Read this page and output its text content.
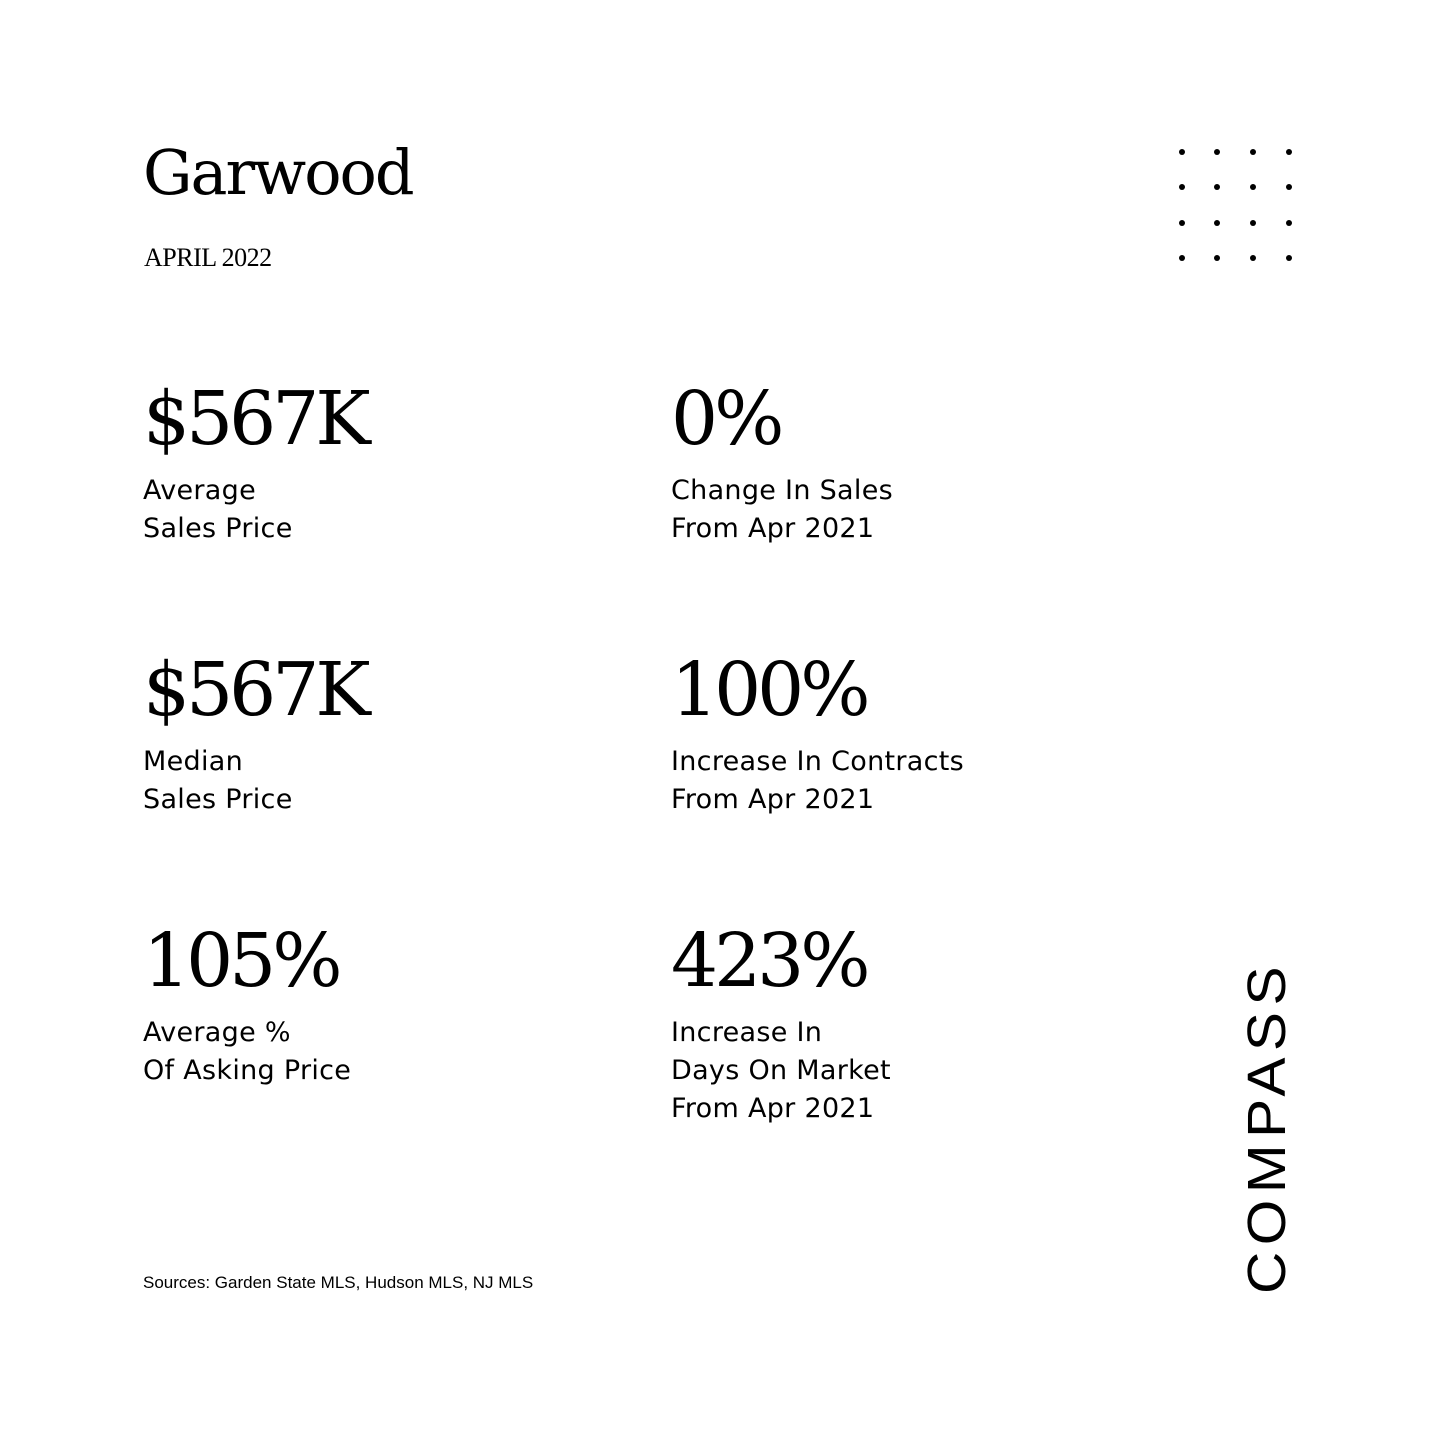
Garwood
APRIL 2022
$567K
Average
Sales Price
0%
Change In Sales
From Apr 2021
$567K
Median
Sales Price
100%
Increase In Contracts
From Apr 2021
105%
Average %
Of Asking Price
423%
Increase In
Days On Market
From Apr 2021
Sources: Garden State MLS, Hudson MLS, NJ MLS	COMPASS
